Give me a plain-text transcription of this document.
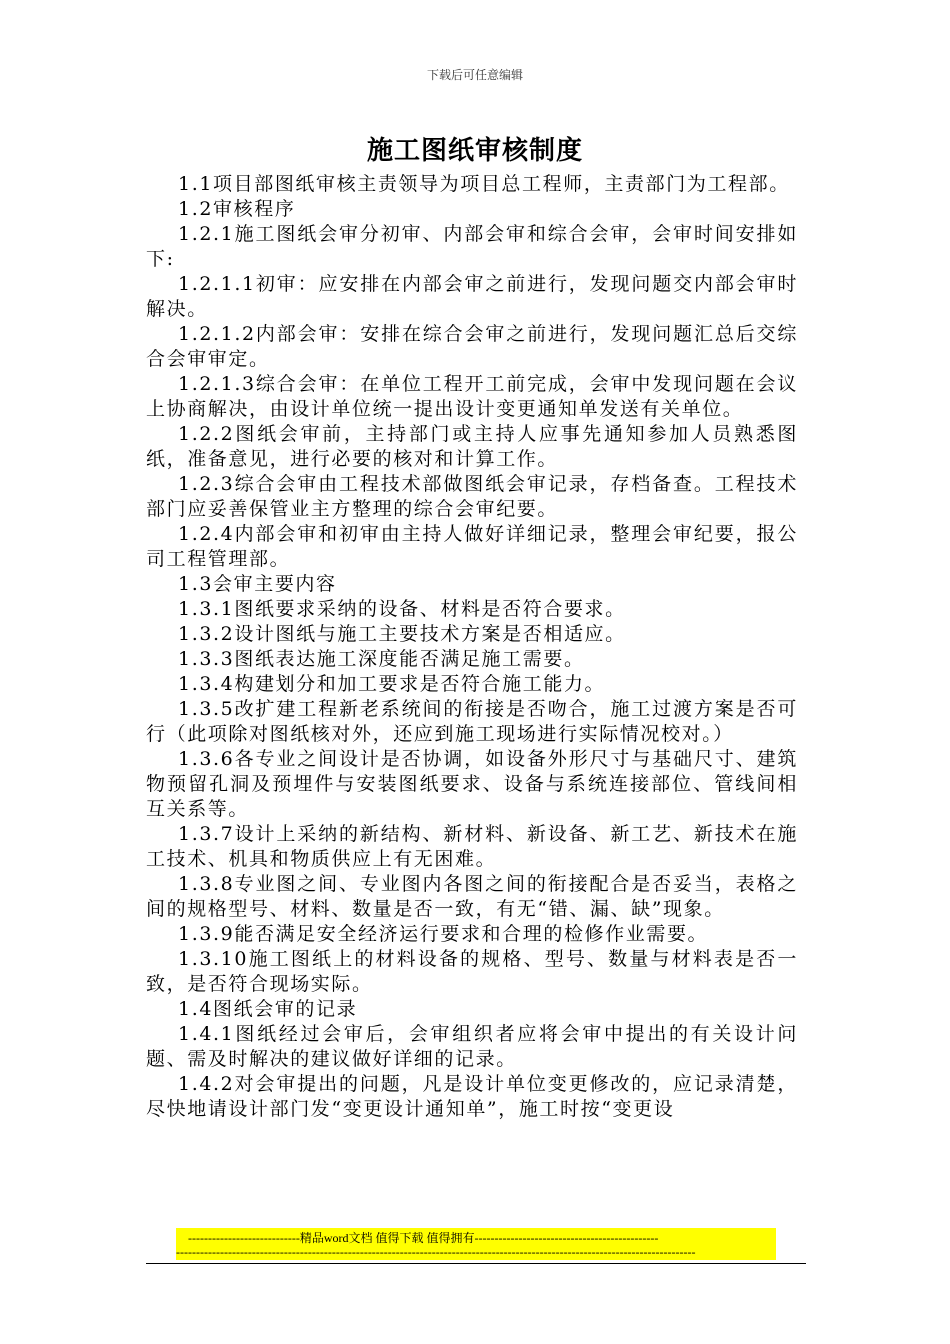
下载后可任意编辑
施工图纸审核制度

1.1项目部图纸审核主责领导为项目总工程师，主责部门为工程部。

1.2审核程序

1.2.1施工图纸会审分初审、内部会审和综合会审，会审时间安排如下:

1.2.1.1初审：应安排在内部会审之前进行，发现问题交内部会审时解决。

1.2.1.2内部会审：安排在综合会审之前进行，发现问题汇总后交综合会审审定。

1.2.1.3综合会审：在单位工程开工前完成，会审中发现问题在会议上协商解决，由设计单位统一提出设计变更通知单发送有关单位。

1.2.2图纸会审前，主持部门或主持人应事先通知参加人员熟悉图纸，准备意见，进行必要的核对和计算工作。

1.2.3综合会审由工程技术部做图纸会审记录，存档备查。工程技术部门应妥善保管业主方整理的综合会审纪要。

1.2.4内部会审和初审由主持人做好详细记录，整理会审纪要，报公司工程管理部。

1.3会审主要内容

1.3.1图纸要求采纳的设备、材料是否符合要求。

1.3.2设计图纸与施工主要技术方案是否相适应。

1.3.3图纸表达施工深度能否满足施工需要。

1.3.4构建划分和加工要求是否符合施工能力。

1.3.5改扩建工程新老系统间的衔接是否吻合，施工过渡方案是否可行（此项除对图纸核对外，还应到施工现场进行实际情况校对。）

1.3.6各专业之间设计是否协调，如设备外形尺寸与基础尺寸、建筑物预留孔洞及预埋件与安装图纸要求、设备与系统连接部位、管线间相互关系等。

1.3.7设计上采纳的新结构、新材料、新设备、新工艺、新技术在施工技术、机具和物质供应上有无困难。

1.3.8专业图之间、专业图内各图之间的衔接配合是否妥当，表格之间的规格型号、材料、数量是否一致，有无“错、漏、缺”现象。

1.3.9能否满足安全经济运行要求和合理的检修作业需要。

1.3.10施工图纸上的材料设备的规格、型号、数量与材料表是否一致，是否符合现场实际。

1.4图纸会审的记录

1.4.1图纸经过会审后，会审组织者应将会审中提出的有关设计问题、需及时解决的建议做好详细的记录。

1.4.2对会审提出的问题，凡是设计单位变更修改的，应记录清楚，尽快地请设计部门发“变更设计通知单”，施工时按“变更设

----------------------------精品word文档 值得下载 值得拥有----------------------------------------------
----------------------------------------------------------------------------------------------------------------------------------
